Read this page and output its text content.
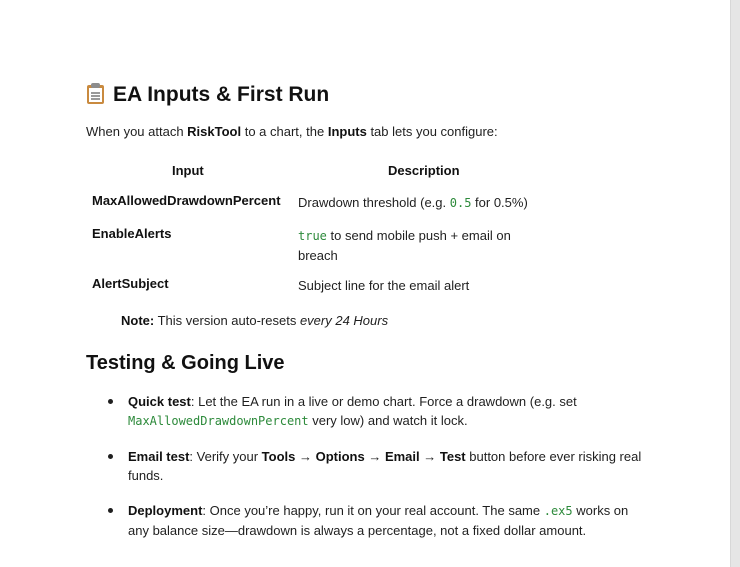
EA Inputs & First Run

When you attach RiskTool to a chart, the Inputs tab lets you configure:

Input	Description
MaxAllowedDrawdownPercent Drawdown threshold (e.g. 0.5 for 0.5%)
EnableAlerts	true to send mobile push + email on breach
AlertSubject	Subject line for the email alert

Note: This version auto-resets every 24 Hours

Testing & Going Live
Quick test: Let the EA run in a live or demo chart. Force a drawdown (e.g. set MaxAllowedDrawdownPercent very low) and watch it lock.
Email test: Verify your Tools → Options → Email → Test button before ever risking real funds.
Deployment: Once you’re happy, run it on your real account. The same .ex5 works on any balance size—drawdown is always a percentage, not a fixed dollar amount.
